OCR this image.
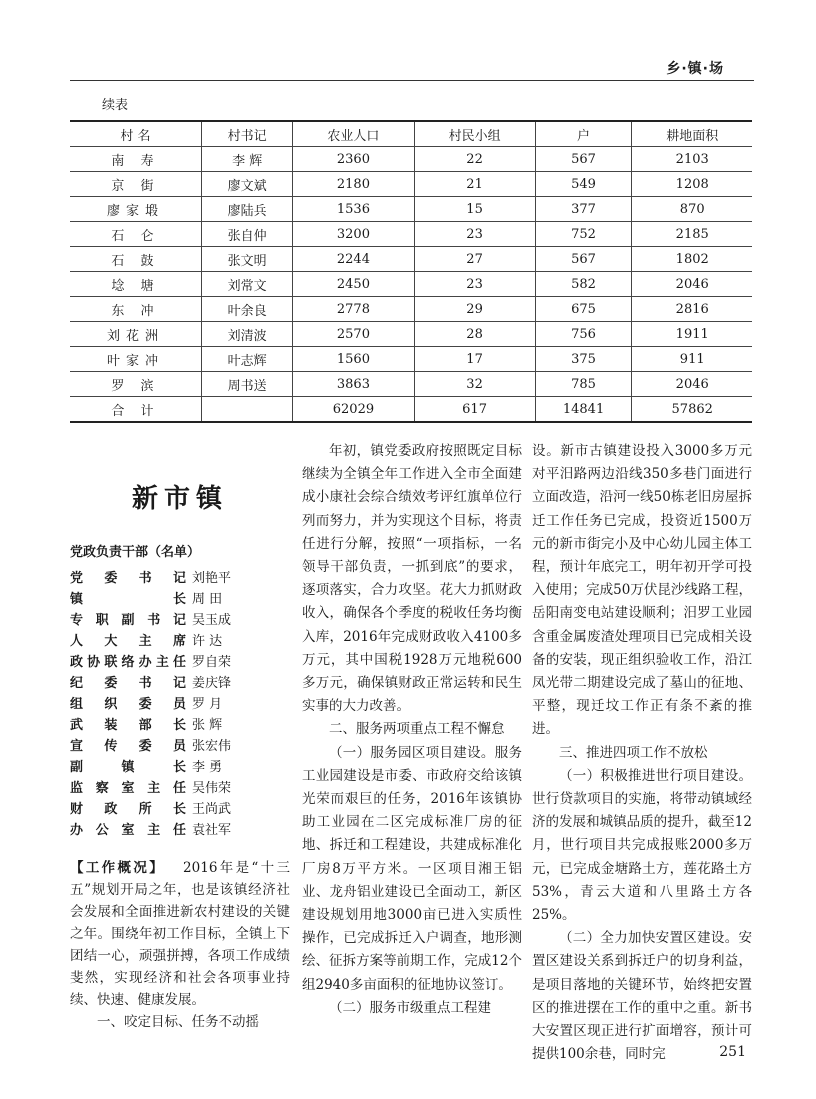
乡·镇·场
续表
村 名	村书记	农业人口	村民小组	户	耕地面积
南 寿	李 辉	2360	22	567	2103
京 街	廖文斌	2180	21	549	1208
廖家塅	廖陆兵	1536	15	377	870
石 仑	张自仲	3200	23	752	2185
石 鼓	张文明	2244	27	567	1802
埝 塘	刘常文	2450	23	582	2046
东 冲	叶余良	2778	29	675	2816
刘花洲	刘清波	2570	28	756	1911
叶家冲	叶志辉	1560	17	375	911
罗 滨	周书送	3863	32	785	2046
合 计		62029	617	14841	57862
新市镇
党政负责干部（名单）
党委书记 刘艳平
镇长 周 田
专职副书记 吴玉成
人大主席 许 达
政协联络办主任 罗自荣
纪委书记 姜庆锋
组织委员 罗 月
武装部长 张 辉
宣传委员 张宏伟
副镇长 李 勇
监察室主任 吴伟荣
财政所长 王尚武
办公室主任 袁社军
【工作概况】 2016年是“十三五”规划开局之年，也是该镇经济社会发展和全面推进新农村建设的关键之年。围绕年初工作目标，全镇上下团结一心，顽强拼搏，各项工作成绩斐然，实现经济和社会各项事业持续、快速、健康发展。
一、咬定目标、任务不动摇

年初，镇党委政府按照既定目标继续为全镇全年工作进入全市全面建成小康社会综合绩效考评红旗单位行列而努力，并为实现这个目标，将责任进行分解，按照“一项指标，一名领导干部负责，一抓到底”的要求，逐项落实，合力攻坚。花大力抓财政收入，确保各个季度的税收任务均衡入库，2016年完成财政收入4100多万元，其中国税1928万元地税600多万元，确保镇财政正常运转和民生实事的大力改善。

二、服务两项重点工程不懈怠

（一）服务园区项目建设。服务工业园建设是市委、市政府交给该镇光荣而艰巨的任务，2016年该镇协助工业园在二区完成标准厂房的征地、拆迁和工程建设，共建成标准化厂房8万平方米。一区项目湘王铝业、龙舟铝业建设已全面动工，新区建设规划用地3000亩已进入实质性操作，已完成拆迁入户调查，地形测绘、征拆方案等前期工作，完成12个组2940多亩面积的征地协议签订。

（二）服务市级重点工程建

设。新市古镇建设投入3000多万元对平汨路两边沿线350多巷门面进行立面改造，沿河一线50栋老旧房屋拆迁工作任务已完成，投资近1500万元的新市街完小及中心幼儿园主体工程，预计年底完工，明年初开学可投入使用；完成50万伏昆沙线路工程，岳阳南变电站建设顺利；汨罗工业园含重金属废渣处理项目已完成相关设备的安装，现正组织验收工作，沿江凤光带二期建设完成了墓山的征地、平整，现迁坟工作正有条不紊的推进。

三、推进四项工作不放松

（一）积极推进世行项目建设。世行贷款项目的实施，将带动镇域经济的发展和城镇品质的提升，截至12月，世行项目共完成报账2000多万元，已完成金塘路土方，莲花路土方53%，青云大道和八里路土方各25%。

（二）全力加快安置区建设。安置区建设关系到拆迁户的切身利益，是项目落地的关键环节，始终把安置区的推进摆在工作的重中之重。新书大安置区现正进行扩面增容，预计可提供100余巷，同时完	251
